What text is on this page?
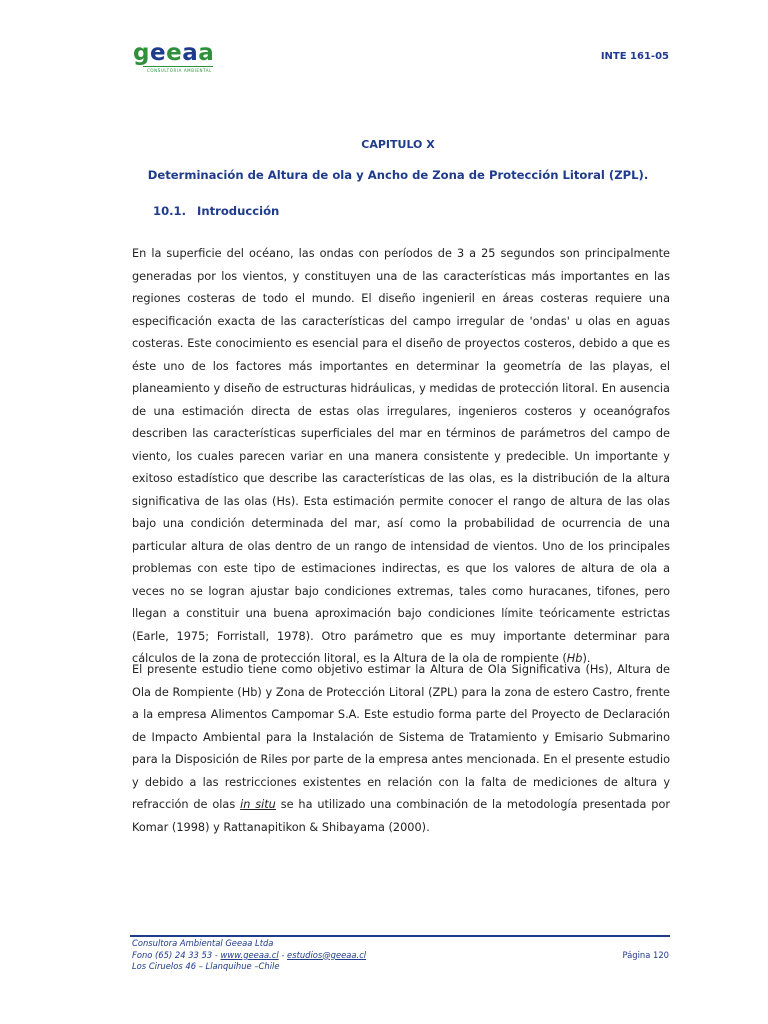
geeaa
CONSULTORIA AMBIENTAL
INTE 161-05
CAPITULO X
Determinación de Altura de ola y Ancho de Zona de Protección Litoral (ZPL).
10.1. Introducción

En la superficie del océano, las ondas con períodos de 3 a 25 segundos son principalmente generadas por los vientos, y constituyen una de las características más importantes en las regiones costeras de todo el mundo. El diseño ingenieril en áreas costeras requiere una especificación exacta de las características del campo irregular de 'ondas' u olas en aguas costeras. Este conocimiento es esencial para el diseño de proyectos costeros, debido a que es éste uno de los factores más importantes en determinar la geometría de las playas, el planeamiento y diseño de estructuras hidráulicas, y medidas de protección litoral. En ausencia de una estimación directa de estas olas irregulares, ingenieros costeros y oceanógrafos describen las características superficiales del mar en términos de parámetros del campo de viento, los cuales parecen variar en una manera consistente y predecible. Un importante y exitoso estadístico que describe las características de las olas, es la distribución de la altura significativa de las olas (Hs). Esta estimación permite conocer el rango de altura de las olas bajo una condición determinada del mar, así como la probabilidad de ocurrencia de una particular altura de olas dentro de un rango de intensidad de vientos. Uno de los principales problemas con este tipo de estimaciones indirectas, es que los valores de altura de ola a veces no se logran ajustar bajo condiciones extremas, tales como huracanes, tifones, pero llegan a constituir una buena aproximación bajo condiciones límite teóricamente estrictas (Earle, 1975; Forristall, 1978). Otro parámetro que es muy importante determinar para cálculos de la zona de protección litoral, es la Altura de la ola de rompiente (Hb).

El presente estudio tiene como objetivo estimar la Altura de Ola Significativa (Hs), Altura de Ola de Rompiente (Hb) y Zona de Protección Litoral (ZPL) para la zona de estero Castro, frente a la empresa Alimentos Campomar S.A. Este estudio forma parte del Proyecto de Declaración de Impacto Ambiental para la Instalación de Sistema de Tratamiento y Emisario Submarino para la Disposición de Riles por parte de la empresa antes mencionada. En el presente estudio y debido a las restricciones existentes en relación con la falta de mediciones de altura y refracción de olas in situ se ha utilizado una combinación de la metodología presentada por Komar (1998) y Rattanapitikon & Shibayama (2000).

Consultora Ambiental Geeaa Ltda
Fono (65) 24 33 53 - www.geeaa.cl - estudios@geeaa.cl
Los Ciruelos 46 – Llanquihue –Chile
Página 120
